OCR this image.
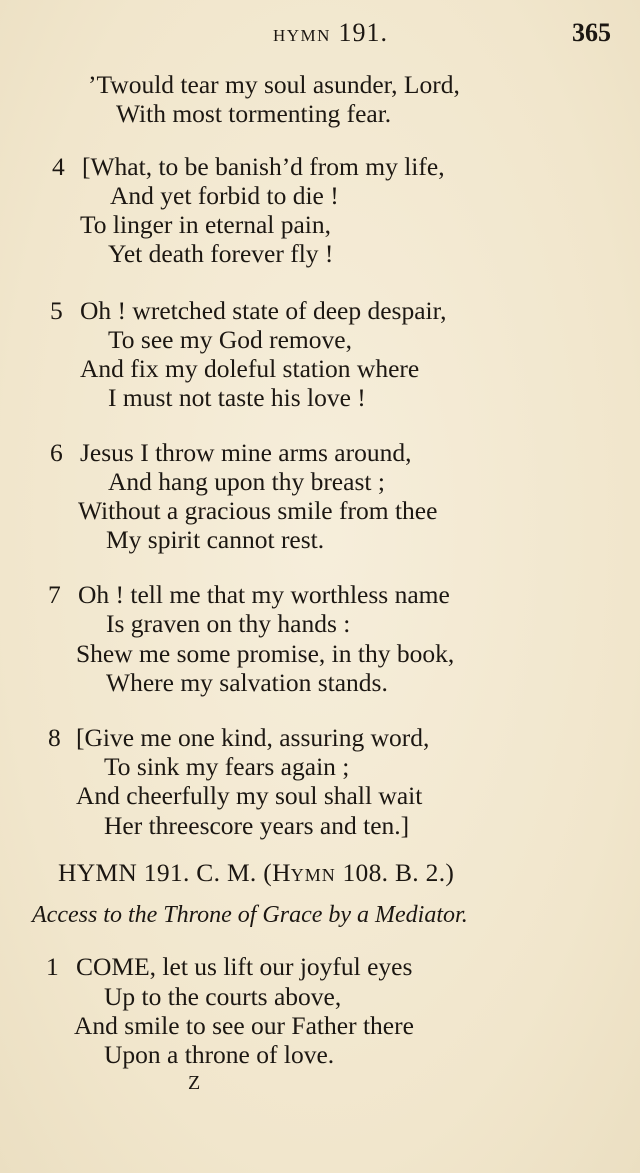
HYMN 191.	365
’Twould tear my soul asunder, Lord,
With most tormenting fear.
4 [What, to be banish’d from my life,
And yet forbid to die !
To linger in eternal pain,
Yet death forever fly !
5 Oh ! wretched state of deep despair,
To see my God remove,
And fix my doleful station where
I must not taste his love !
6 Jesus I throw mine arms around,
And hang upon thy breast ;
Without a gracious smile from thee
My spirit cannot rest.
7 Oh ! tell me that my worthless name
Is graven on thy hands :
Shew me some promise, in thy book,
Where my salvation stands.
8 [Give me one kind, assuring word,
To sink my fears again ;
And cheerfully my soul shall wait
Her threescore years and ten.]
HYMN 191. C. M. (HYMN 108. B. 2.)
Access to the Throne of Grace by a Mediator.
1 COME, let us lift our joyful eyes
Up to the courts above,
And smile to see our Father there
Upon a throne of love.
Z
